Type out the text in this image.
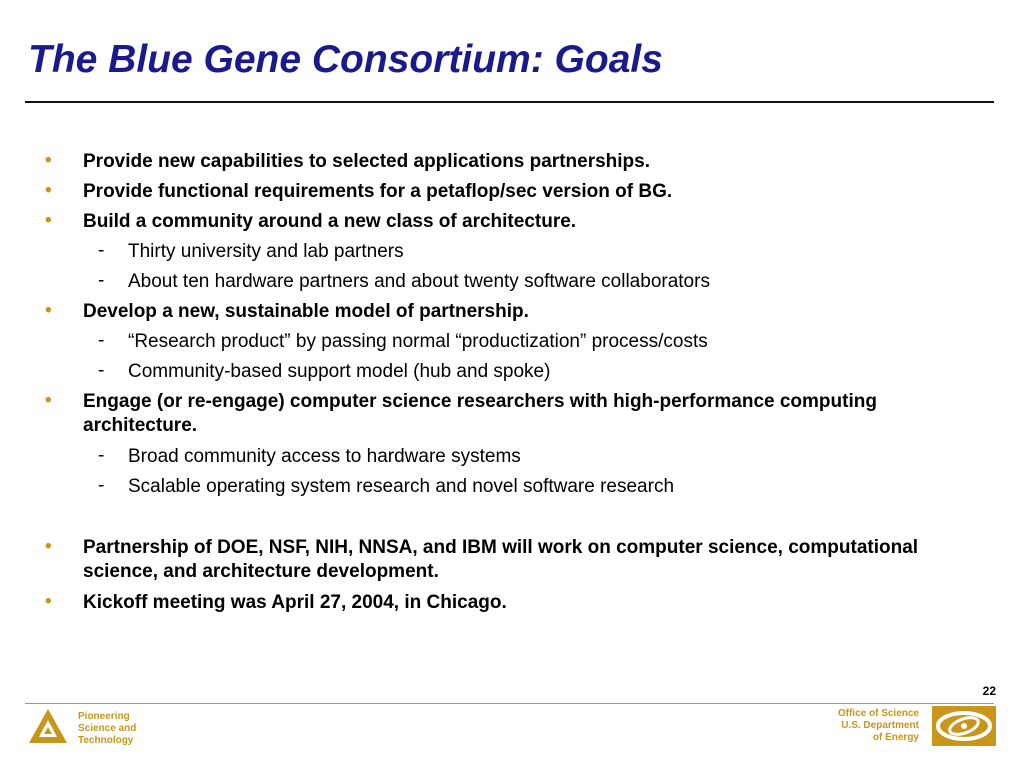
The Blue Gene Consortium: Goals
• Provide new capabilities to selected applications partnerships.
• Provide functional requirements for a petaflop/sec version of BG.
• Build a community around a new class of architecture.
- Thirty university and lab partners
- About ten hardware partners and about twenty software collaborators
• Develop a new, sustainable model of partnership.
- “Research product” by passing normal “productization” process/costs
- Community-based support model (hub and spoke)
• Engage (or re-engage) computer science researchers with high-performance computing architecture.
- Broad community access to hardware systems
- Scalable operating system research and novel software research
• Partnership of DOE, NSF, NIH, NNSA, and IBM will work on computer science, computational science, and architecture development.
• Kickoff meeting was April 27, 2004, in Chicago.
22
Pioneering
Science and
Technology
Office of Science
U.S. Department
of Energy
